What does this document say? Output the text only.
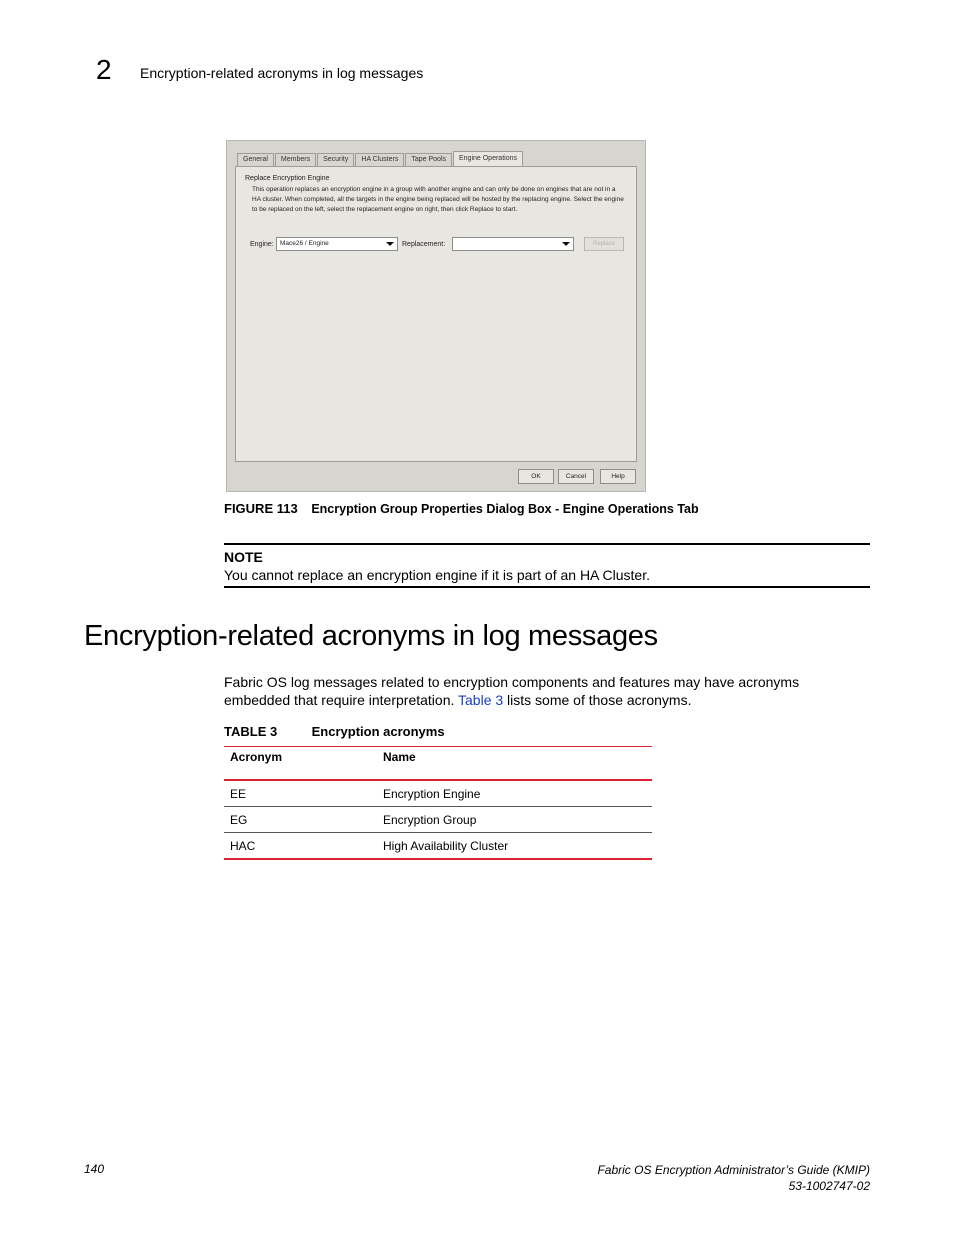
2 Encryption-related acronyms in log messages
General	Members	Security	HA Clusters	Tape Pools	Engine Operations
Replace Encryption Engine
This operation replaces an encryption engine in a group with another engine and can only be done on engines that are not in a HA cluster. When completed, all the targets in the engine being replaced will be hosted by the replacing engine. Select the engine to be replaced on the left, select the replacement engine on right, then click Replace to start.
Engine: Mace26 / Engine	Replacement:	Replace
OK	Cancel	Help
FIGURE 113 Encryption Group Properties Dialog Box - Engine Operations Tab
NOTE
You cannot replace an encryption engine if it is part of an HA Cluster.
Encryption-related acronyms in log messages
Fabric OS log messages related to encryption components and features may have acronyms embedded that require interpretation. Table 3 lists some of those acronyms.
TABLE 3	Encryption acronyms
Acronym	Name
EE	Encryption Engine
EG	Encryption Group
HAC	High Availability Cluster
140	Fabric OS Encryption Administrator’s Guide (KMIP)
53-1002747-02
